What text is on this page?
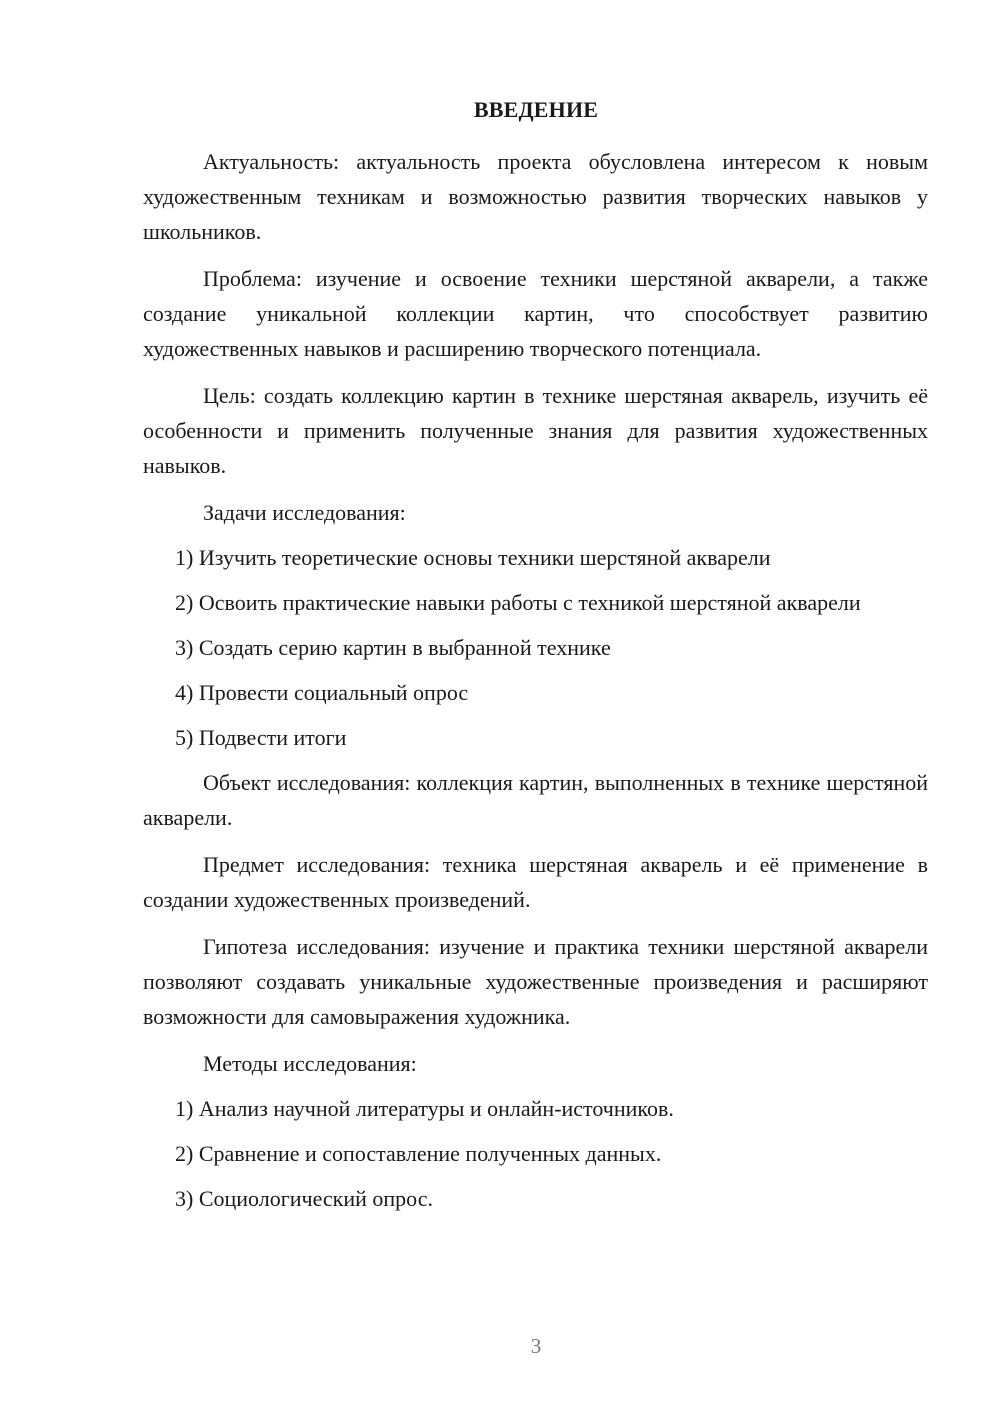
ВВЕДЕНИЕ

Актуальность: актуальность проекта обусловлена интересом к новым художественным техникам и возможностью развития творческих навыков у школьников.

Проблема: изучение и освоение техники шерстяной акварели, а также создание уникальной коллекции картин, что способствует развитию художественных навыков и расширению творческого потенциала.

Цель: создать коллекцию картин в технике шерстяная акварель, изучить её особенности и применить полученные знания для развития художественных навыков.

Задачи исследования:

1) Изучить теоретические основы техники шерстяной акварели

2) Освоить практические навыки работы с техникой шерстяной акварели

3) Создать серию картин в выбранной технике

4) Провести социальный опрос

5) Подвести итоги

Объект исследования: коллекция картин, выполненных в технике шерстяной акварели.

Предмет исследования: техника шерстяная акварель и её применение в создании художественных произведений.

Гипотеза исследования: изучение и практика техники шерстяной акварели позволяют создавать уникальные художественные произведения и расширяют возможности для самовыражения художника.

Методы исследования:

1) Анализ научной литературы и онлайн-источников.

2) Сравнение и сопоставление полученных данных.

3) Социологический опрос.

3
